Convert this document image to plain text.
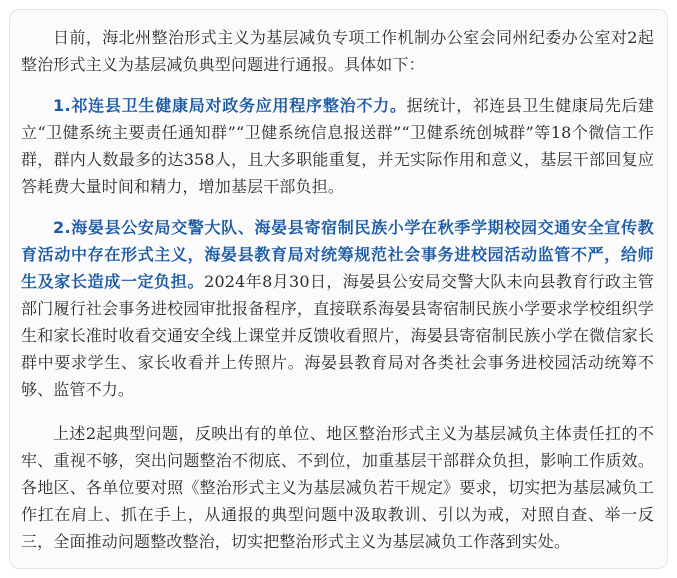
日前，海北州整治形式主义为基层减负专项工作机制办公室会同州纪委办公室对2起整治形式主义为基层减负典型问题进行通报。具体如下：

1.祁连县卫生健康局对政务应用程序整治不力。据统计，祁连县卫生健康局先后建立“卫健系统主要责任通知群”“卫健系统信息报送群”“卫健系统创城群”等18个微信工作群，群内人数最多的达358人，且大多职能重复，并无实际作用和意义，基层干部回复应答耗费大量时间和精力，增加基层干部负担。

2.海晏县公安局交警大队、海晏县寄宿制民族小学在秋季学期校园交通安全宣传教育活动中存在形式主义，海晏县教育局对统筹规范社会事务进校园活动监管不严，给师生及家长造成一定负担。2024年8月30日，海晏县公安局交警大队未向县教育行政主管部门履行社会事务进校园审批报备程序，直接联系海晏县寄宿制民族小学要求学校组织学生和家长准时收看交通安全线上课堂并反馈收看照片，海晏县寄宿制民族小学在微信家长群中要求学生、家长收看并上传照片。海晏县教育局对各类社会事务进校园活动统筹不够、监管不力。

上述2起典型问题，反映出有的单位、地区整治形式主义为基层减负主体责任扛的不牢、重视不够，突出问题整治不彻底、不到位，加重基层干部群众负担，影响工作质效。各地区、各单位要对照《整治形式主义为基层减负若干规定》要求，切实把为基层减负工作扛在肩上、抓在手上，从通报的典型问题中汲取教训、引以为戒，对照自查、举一反三，全面推动问题整改整治，切实把整治形式主义为基层减负工作落到实处。
